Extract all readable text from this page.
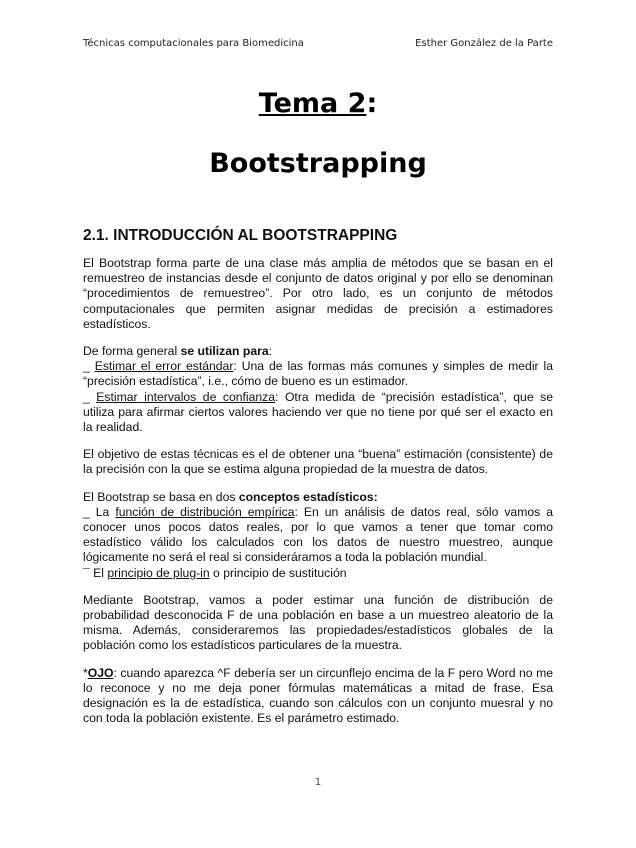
Técnicas computacionales para Biomedicina	Esther González de la Parte
Tema 2:
Bootstrapping
2.1. INTRODUCCIÓN AL BOOTSTRAPPING

El Bootstrap forma parte de una clase más amplia de métodos que se basan en el remuestreo de instancias desde el conjunto de datos original y por ello se denominan “procedimientos de remuestreo”. Por otro lado, es un conjunto de métodos computacionales que permiten asignar medidas de precisión a estimadores estadísticos.

De forma general se utilizan para:
_ Estimar el error estándar: Una de las formas más comunes y simples de medir la “precisión estadística”, i.e., cómo de bueno es un estimador.
_ Estimar intervalos de confianza: Otra medida de “precisión estadística”, que se utiliza para afirmar ciertos valores haciendo ver que no tiene por qué ser el exacto en la realidad.

El objetivo de estas técnicas es el de obtener una “buena” estimación (consistente) de la precisión con la que se estima alguna propiedad de la muestra de datos.

El Bootstrap se basa en dos conceptos estadísticos:
_ La función de distribución empírica: En un análisis de datos real, sólo vamos a conocer unos pocos datos reales, por lo que vamos a tener que tomar como estadístico válido los calculados con los datos de nuestro muestreo, aunque lógicamente no será el real si consideráramos a toda la población mundial.
¯ El principio de plug-in o principio de sustitución

Mediante Bootstrap, vamos a poder estimar una función de distribución de probabilidad desconocida F de una población en base a un muestreo aleatorio de la misma. Además, consideraremos las propiedades/estadísticos globales de la población como los estadísticos particulares de la muestra.

*OJO: cuando aparezca ^F debería ser un circunflejo encima de la F pero Word no me lo reconoce y no me deja poner fórmulas matemáticas a mitad de frase. Esa designación es la de estadística, cuando son cálculos con un conjunto muesral y no con toda la población existente. Es el parámetro estimado.

1
